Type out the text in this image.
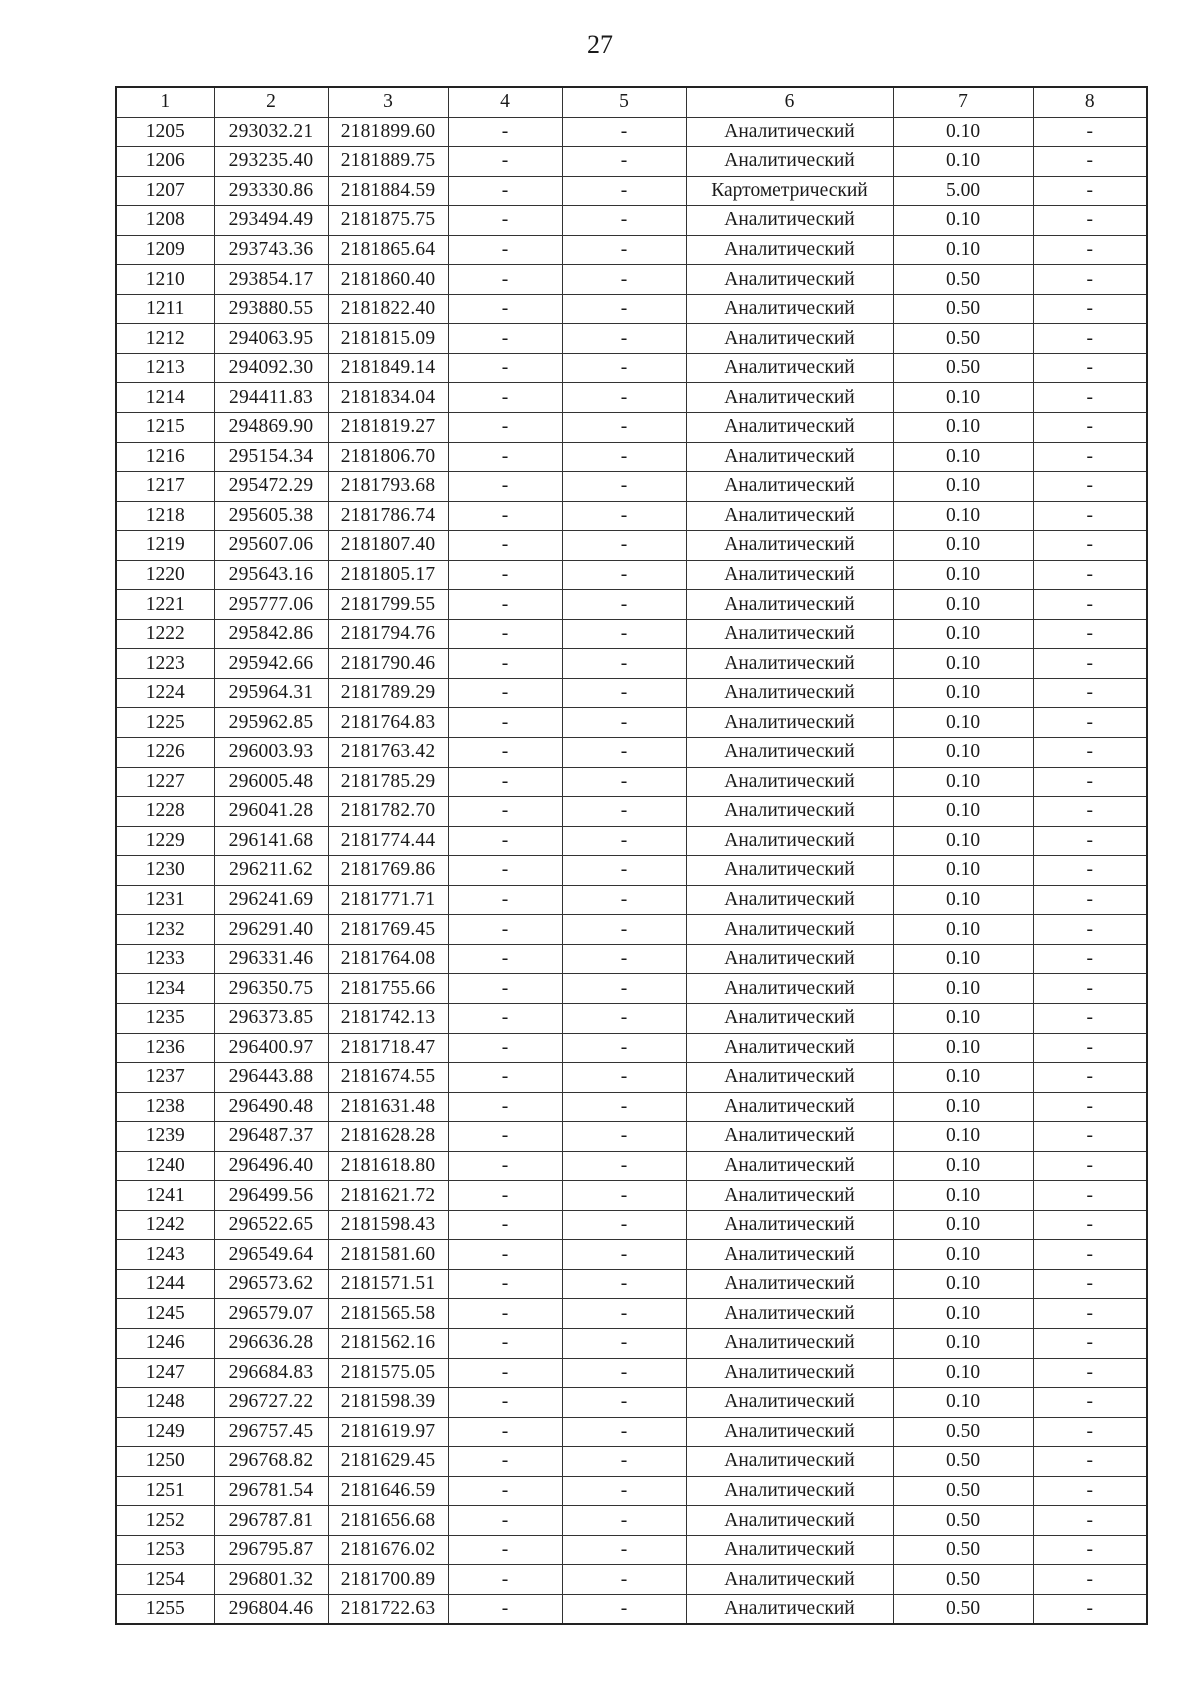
27
1	2	3	4	5	6	7	8
1205	293032.21	2181899.60	-	-	Аналитический	0.10	-
1206	293235.40	2181889.75	-	-	Аналитический	0.10	-
1207	293330.86	2181884.59	-	-	Картометрический	5.00	-
1208	293494.49	2181875.75	-	-	Аналитический	0.10	-
1209	293743.36	2181865.64	-	-	Аналитический	0.10	-
1210	293854.17	2181860.40	-	-	Аналитический	0.50	-
1211	293880.55	2181822.40	-	-	Аналитический	0.50	-
1212	294063.95	2181815.09	-	-	Аналитический	0.50	-
1213	294092.30	2181849.14	-	-	Аналитический	0.50	-
1214	294411.83	2181834.04	-	-	Аналитический	0.10	-
1215	294869.90	2181819.27	-	-	Аналитический	0.10	-
1216	295154.34	2181806.70	-	-	Аналитический	0.10	-
1217	295472.29	2181793.68	-	-	Аналитический	0.10	-
1218	295605.38	2181786.74	-	-	Аналитический	0.10	-
1219	295607.06	2181807.40	-	-	Аналитический	0.10	-
1220	295643.16	2181805.17	-	-	Аналитический	0.10	-
1221	295777.06	2181799.55	-	-	Аналитический	0.10	-
1222	295842.86	2181794.76	-	-	Аналитический	0.10	-
1223	295942.66	2181790.46	-	-	Аналитический	0.10	-
1224	295964.31	2181789.29	-	-	Аналитический	0.10	-
1225	295962.85	2181764.83	-	-	Аналитический	0.10	-
1226	296003.93	2181763.42	-	-	Аналитический	0.10	-
1227	296005.48	2181785.29	-	-	Аналитический	0.10	-
1228	296041.28	2181782.70	-	-	Аналитический	0.10	-
1229	296141.68	2181774.44	-	-	Аналитический	0.10	-
1230	296211.62	2181769.86	-	-	Аналитический	0.10	-
1231	296241.69	2181771.71	-	-	Аналитический	0.10	-
1232	296291.40	2181769.45	-	-	Аналитический	0.10	-
1233	296331.46	2181764.08	-	-	Аналитический	0.10	-
1234	296350.75	2181755.66	-	-	Аналитический	0.10	-
1235	296373.85	2181742.13	-	-	Аналитический	0.10	-
1236	296400.97	2181718.47	-	-	Аналитический	0.10	-
1237	296443.88	2181674.55	-	-	Аналитический	0.10	-
1238	296490.48	2181631.48	-	-	Аналитический	0.10	-
1239	296487.37	2181628.28	-	-	Аналитический	0.10	-
1240	296496.40	2181618.80	-	-	Аналитический	0.10	-
1241	296499.56	2181621.72	-	-	Аналитический	0.10	-
1242	296522.65	2181598.43	-	-	Аналитический	0.10	-
1243	296549.64	2181581.60	-	-	Аналитический	0.10	-
1244	296573.62	2181571.51	-	-	Аналитический	0.10	-
1245	296579.07	2181565.58	-	-	Аналитический	0.10	-
1246	296636.28	2181562.16	-	-	Аналитический	0.10	-
1247	296684.83	2181575.05	-	-	Аналитический	0.10	-
1248	296727.22	2181598.39	-	-	Аналитический	0.10	-
1249	296757.45	2181619.97	-	-	Аналитический	0.50	-
1250	296768.82	2181629.45	-	-	Аналитический	0.50	-
1251	296781.54	2181646.59	-	-	Аналитический	0.50	-
1252	296787.81	2181656.68	-	-	Аналитический	0.50	-
1253	296795.87	2181676.02	-	-	Аналитический	0.50	-
1254	296801.32	2181700.89	-	-	Аналитический	0.50	-
1255	296804.46	2181722.63	-	-	Аналитический	0.50	-
